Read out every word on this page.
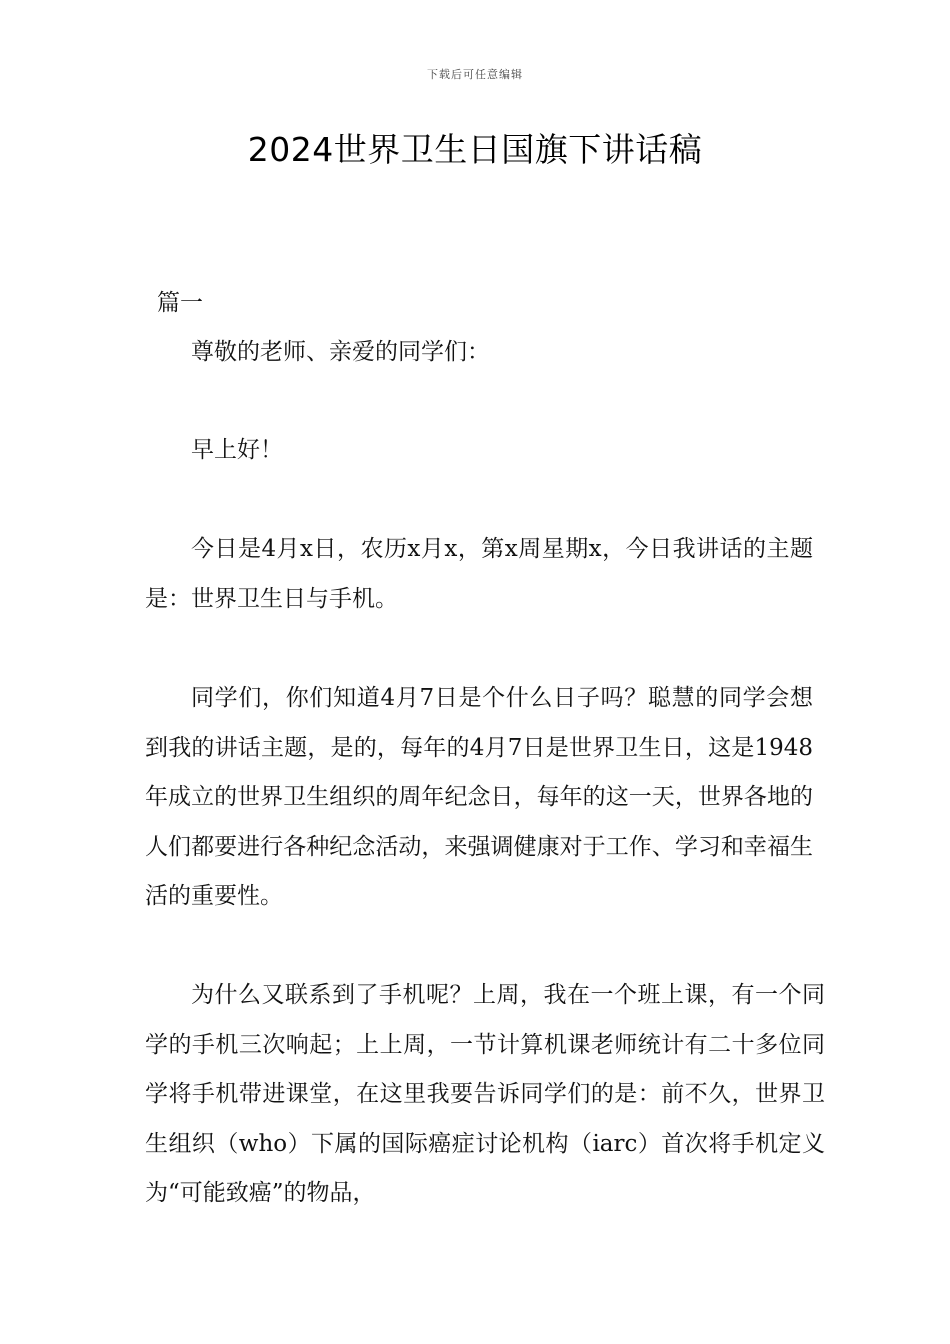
下载后可任意编辑
2024世界卫生日国旗下讲话稿
篇一

尊敬的老师、亲爱的同学们：

早上好！

今日是4月x日，农历x月x，第x周星期x，今日我讲话的主题是：世界卫生日与手机。

同学们，你们知道4月7日是个什么日子吗？聪慧的同学会想到我的讲话主题，是的，每年的4月7日是世界卫生日，这是1948年成立的世界卫生组织的周年纪念日，每年的这一天，世界各地的人们都要进行各种纪念活动，来强调健康对于工作、学习和幸福生活的重要性。

为什么又联系到了手机呢？上周，我在一个班上课，有一个同学的手机三次响起；上上周，一节计算机课老师统计有二十多位同学将手机带进课堂，在这里我要告诉同学们的是：前不久，世界卫生组织（who）下属的国际癌症讨论机构（iarc）首次将手机定义为“可能致癌”的物品，
